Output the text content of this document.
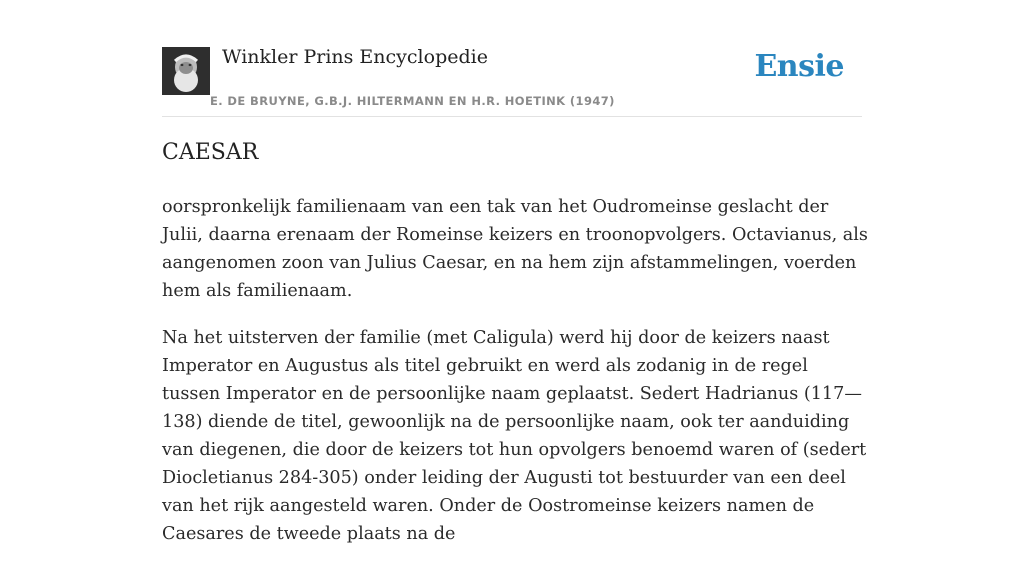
Winkler Prins Encyclopedie
E. DE BRUYNE, G.B.J. HILTERMANN EN H.R. HOETINK (1947)
Ensie
CAESAR

oorspronkelijk familienaam van een tak van het Oudromeinse geslacht der Julii, daarna erenaam der Romeinse keizers en troonopvolgers. Octavianus, als aangenomen zoon van Julius Caesar, en na hem zijn afstammelingen, voerden hem als familienaam.

Na het uitsterven der familie (met Caligula) werd hij door de keizers naast Imperator en Augustus als titel gebruikt en werd als zodanig in de regel tussen Imperator en de persoonlijke naam geplaatst. Sedert Hadrianus (117— 138) diende de titel, gewoonlijk na de persoonlijke naam, ook ter aanduiding van diegenen, die door de keizers tot hun opvolgers benoemd waren of (sedert Diocletianus 284-305) onder leiding der Augusti tot bestuurder van een deel van het rijk aangesteld waren. Onder de Oostromeinse keizers namen de Caesares de tweede plaats na de
